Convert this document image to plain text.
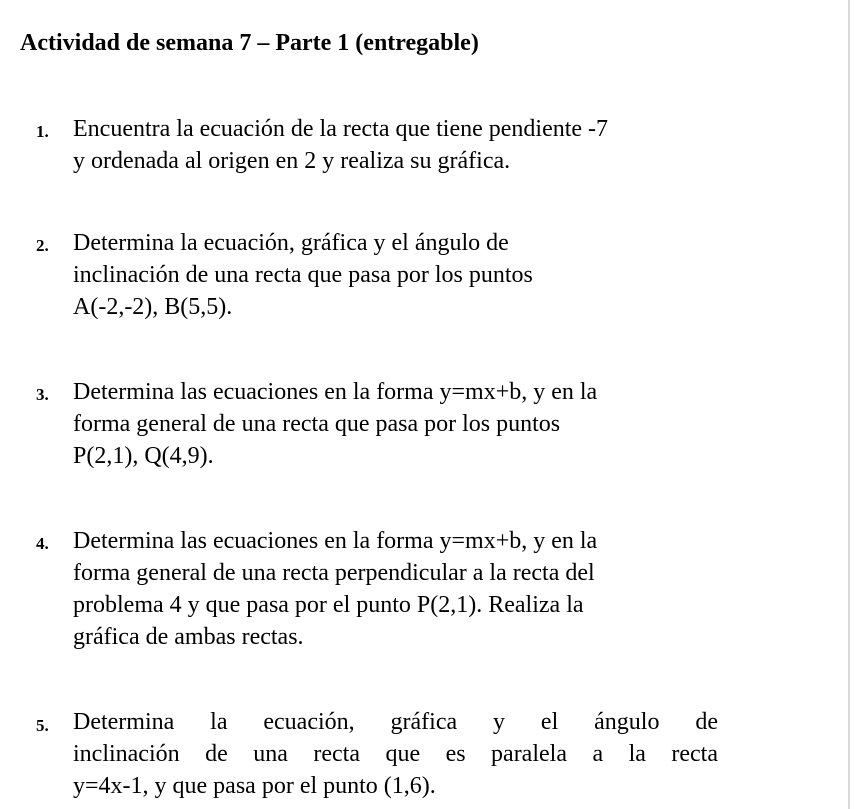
Actividad de semana 7 – Parte 1 (entregable)
1. Encuentra la ecuación de la recta que tiene pendiente -7
y ordenada al origen en 2 y realiza su gráfica.
2. Determina la ecuación, gráfica y el ángulo de
inclinación de una recta que pasa por los puntos
A(-2,-2), B(5,5).
3. Determina las ecuaciones en la forma y=mx+b, y en la
forma general de una recta que pasa por los puntos
P(2,1), Q(4,9).
4. Determina las ecuaciones en la forma y=mx+b, y en la
forma general de una recta perpendicular a la recta del
problema 4 y que pasa por el punto P(2,1). Realiza la
gráfica de ambas rectas.
5. Determina la ecuación, gráfica y el ángulo de
inclinación de una recta que es paralela a la recta
y=4x-1, y que pasa por el punto (1,6).
